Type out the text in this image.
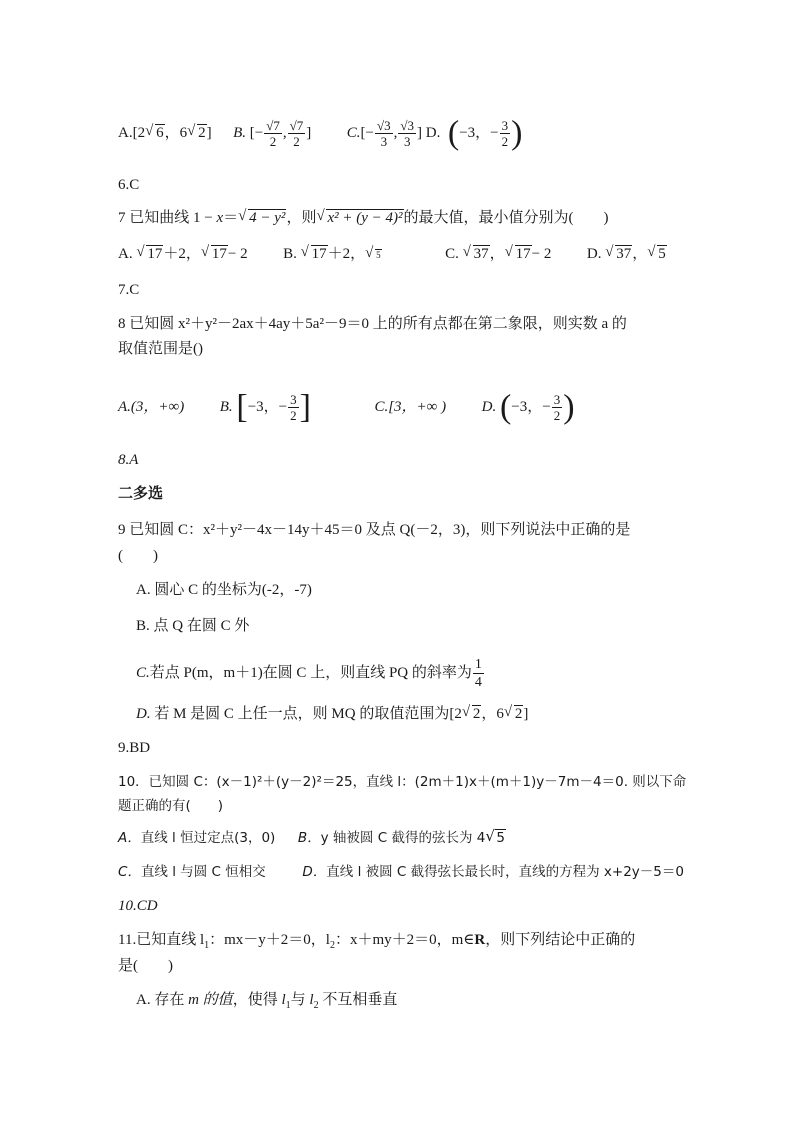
A.[2 √ 6，6 √ 2] B. [− $\frac{√7}{2}$ , $\frac{√7}{2}$ ] $C.[- \frac{√3}{3}$ , $\frac{√3}{3}$ ] D. (−3，− $\frac{3}{2}$ )
6.C
7 已知曲线 1 − x＝ √ 4 − y²，则 √ x² + (y − 4)²的最大值，最小值分别为(　　)
A. √ 17＋2， √ 17− 2 B. √ 17＋2， √ 5	C. √ 37， √ 17− 2 D. √ 37， √ 5
7.C
8 已知圆 x²＋y²－2ax＋4ay＋5a²－9＝0 上的所有点都在第二象限，则实数 a 的
取值范围是()
A.(3，+∞) B. [−3，− $\frac{3}{2}$ ]	C.[3，+∞ ) D. (−3，− $\frac{3}{2}$ )
8.A
二多选
9 已知圆 C：x²＋y²－4x－14y＋45＝0 及点 Q(－2，3)，则下列说法中正确的是
(　　)
A. 圆心 C 的坐标为(-2，-7)
B. 点 Q 在圆 C 外
C.若点 P(m，m＋1)在圆 C 上，则直线 PQ 的斜率为 $\frac{1}{4}$
D. 若 M 是圆 C 上任一点，则 MQ 的取值范围为[2 √ 2，6 √ 2]
9.BD
10．已知圆 C：(x－1)²＋(y－2)²＝25，直线 l：(2m＋1)x＋(m＋1)y－7m－4＝0. 则以下命
题正确的有(　　)
A．直线 l 恒过定点(3，0) B．y 轴被圆 C 截得的弦长为 4 √ 5
C．直线 l 与圆 C 恒相交	D．直线 l 被圆 C 截得弦长最长时，直线的方程为 x+2y－5＝0
10.CD
11.已知直线 $l_1$：mx－y＋2＝0，$l_2$：x＋my＋2＝0，m∈R，则下列结论中正确的
是(　　)
A. 存在 m 的值，使得 $l_1$与 $l_2$ 不互相垂直
